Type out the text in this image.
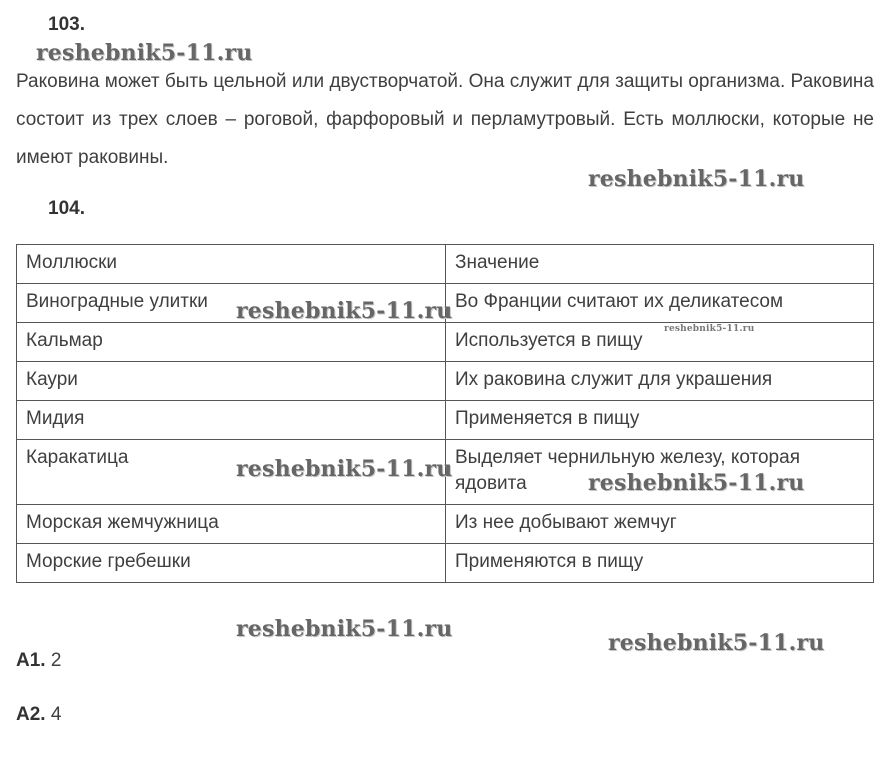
103.
Раковина может быть цельной или двустворчатой. Она служит для защиты организма. Раковина состоит из трех слоев – роговой, фарфоровый и перламутровый. Есть моллюски, которые не имеют раковины.
104.
Моллюски	Значение
Виноградные улитки	Во Франции считают их деликатесом
Кальмар	Используется в пищу
Каури	Их раковина служит для украшения
Мидия	Применяется в пищу
Каракатица	Выделяет чернильную железу, которая ядовита
Морская жемчужница	Из нее добывают жемчуг
Морские гребешки	Применяются в пищу
A1. 2
A2. 4
reshebnik5-11.ru
reshebnik5-11.ru
reshebnik5-11.ru
reshebnik5-11.ru
reshebnik5-11.ru
reshebnik5-11.ru
reshebnik5-11.ru
reshebnik5-11.ru
